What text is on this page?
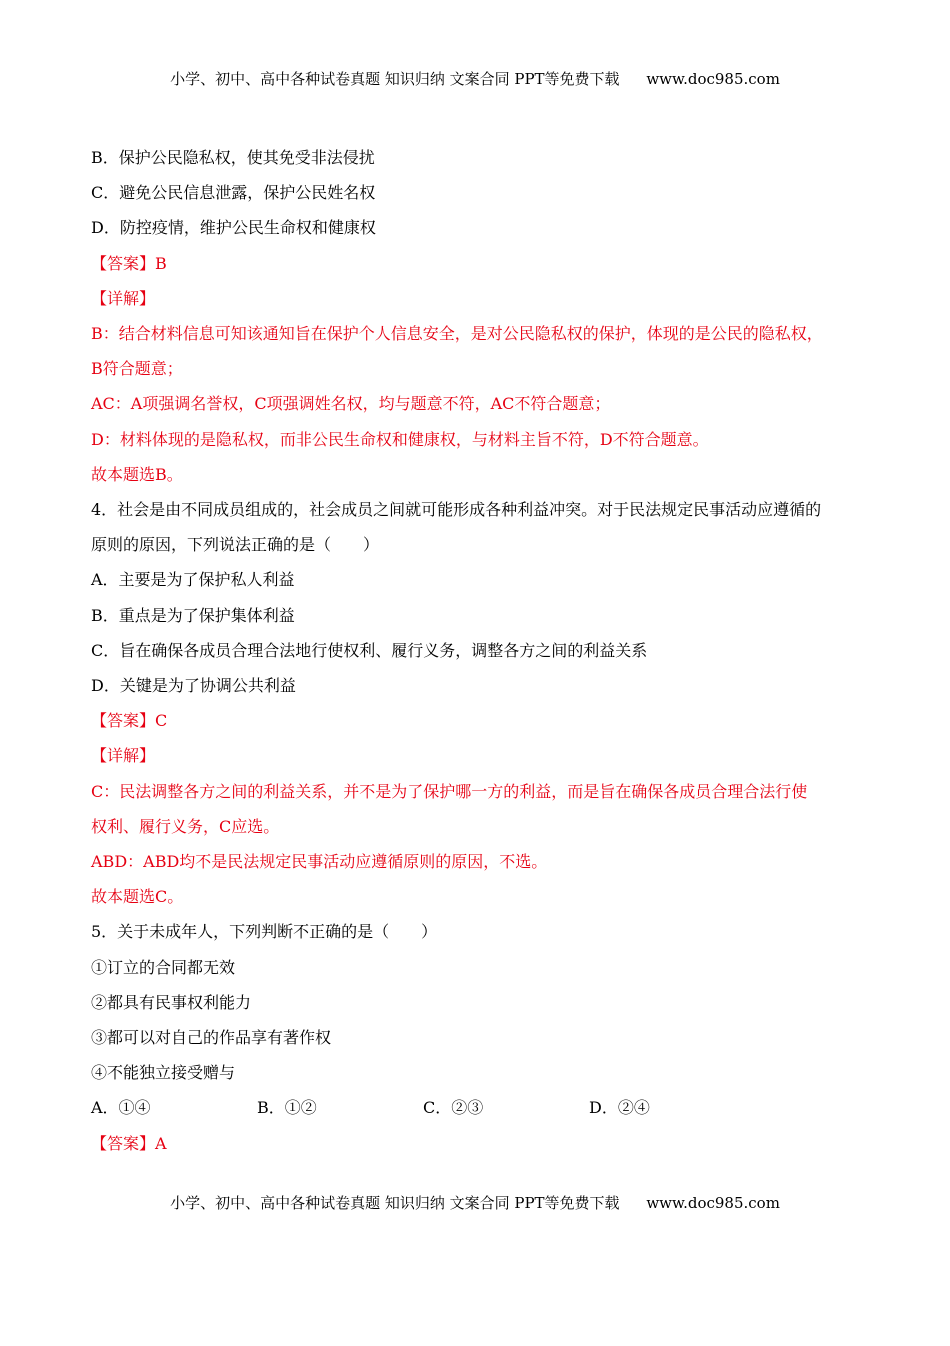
小学、初中、高中各种试卷真题 知识归纳 文案合同 PPT等免费下载 www.doc985.com
B．保护公民隐私权，使其免受非法侵扰
C．避免公民信息泄露，保护公民姓名权
D．防控疫情，维护公民生命权和健康权
【答案】B
【详解】
B：结合材料信息可知该通知旨在保护个人信息安全，是对公民隐私权的保护，体现的是公民的隐私权，
B符合题意；
AC：A项强调名誉权，C项强调姓名权，均与题意不符，AC不符合题意；
D：材料体现的是隐私权，而非公民生命权和健康权，与材料主旨不符，D不符合题意。
故本题选B。
4．社会是由不同成员组成的，社会成员之间就可能形成各种利益冲突。对于民法规定民事活动应遵循的
原则的原因，下列说法正确的是（　　）
A．主要是为了保护私人利益
B．重点是为了保护集体利益
C．旨在确保各成员合理合法地行使权利、履行义务，调整各方之间的利益关系
D．关键是为了协调公共利益
【答案】C
【详解】
C：民法调整各方之间的利益关系，并不是为了保护哪一方的利益，而是旨在确保各成员合理合法行使
权利、履行义务，C应选。
ABD：ABD均不是民法规定民事活动应遵循原则的原因，不选。
故本题选C。
5．关于未成年人，下列判断不正确的是（　　）
①订立的合同都无效
②都具有民事权利能力
③都可以对自己的作品享有著作权
④不能独立接受赠与
A．①④	B．①②	C．②③	D．②④
【答案】A
小学、初中、高中各种试卷真题 知识归纳 文案合同 PPT等免费下载 www.doc985.com
